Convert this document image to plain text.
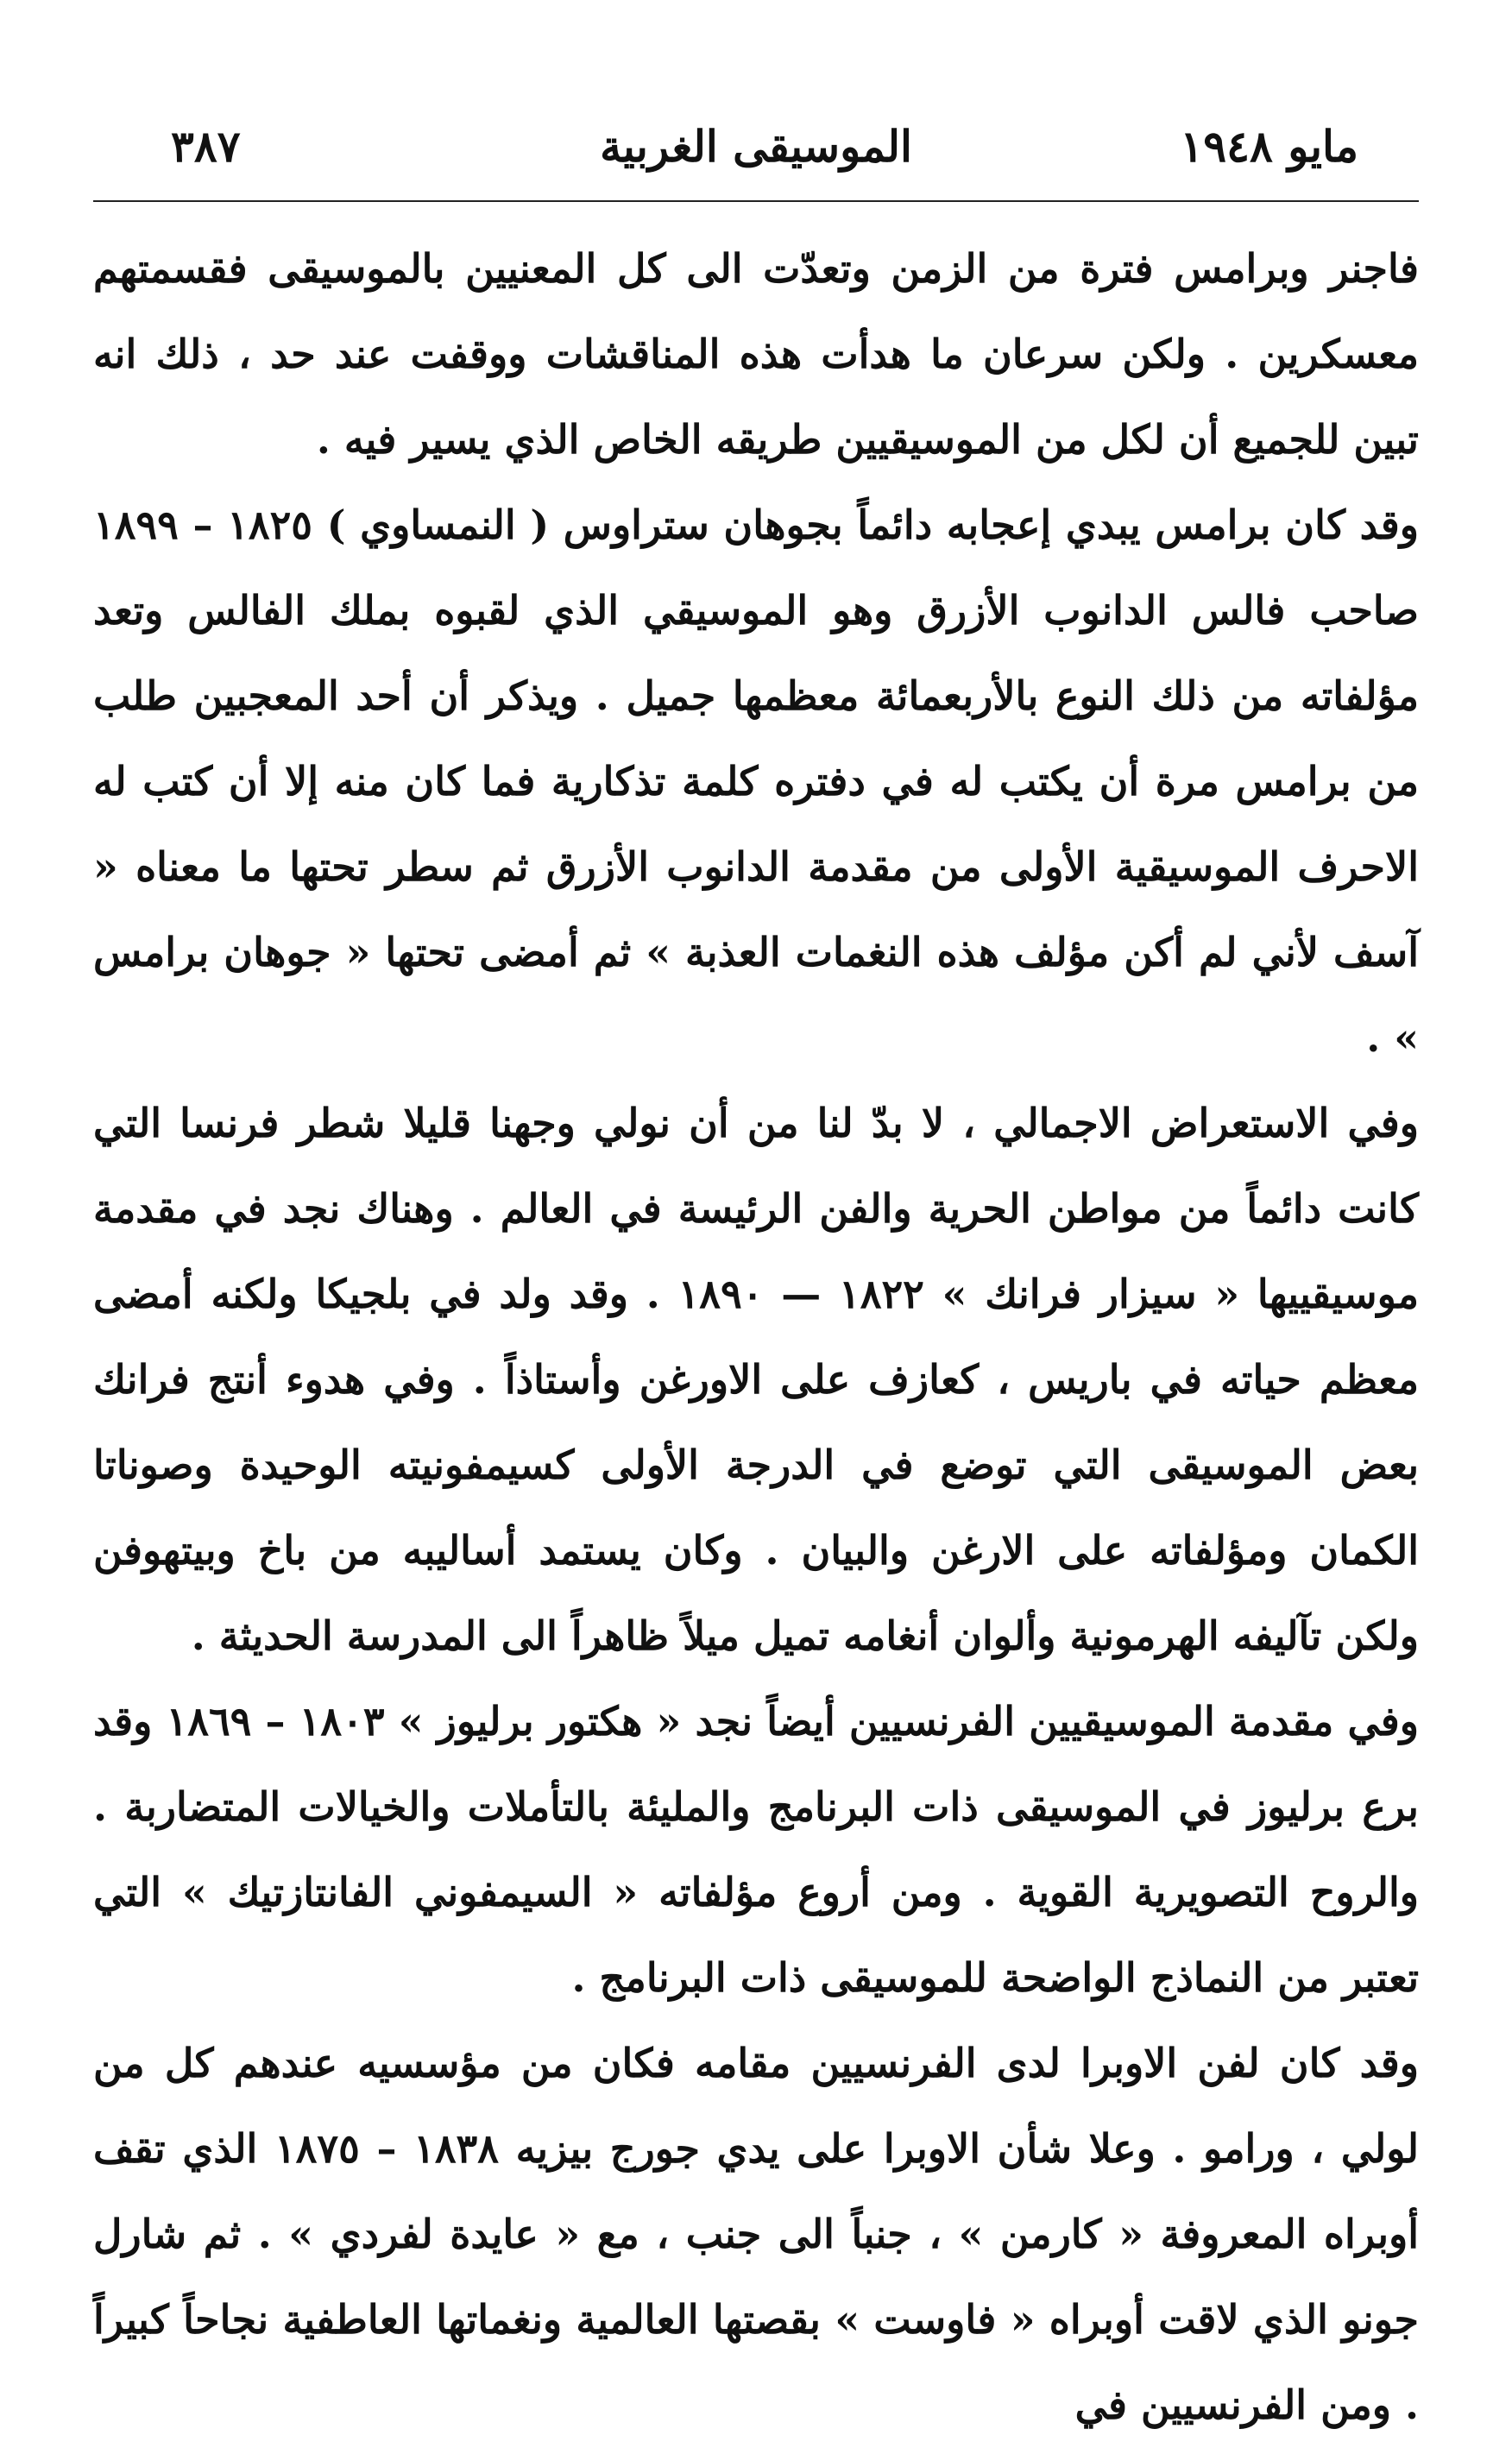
مايو ١٩٤٨
الموسيقى الغربية
٣٨٧

فاجنر وبرامس فترة من الزمن وتعدّت الى كل المعنيين بالموسيقى فقسمتهم معسكرين . ولكن سرعان ما هدأت هذه المناقشات ووقفت عند حد ، ذلك انه تبين للجميع أن لكل من الموسيقيين طريقه الخاص الذي يسير فيه .

وقد كان برامس يبدي إعجابه دائماً بجوهان ستراوس ( النمساوي ) ١٨٢٥ – ١٨٩٩ صاحب فالس الدانوب الأزرق وهو الموسيقي الذي لقبوه بملك الفالس وتعد مؤلفاته من ذلك النوع بالأربعمائة معظمها جميل . ويذكر أن أحد المعجبين طلب من برامس مرة أن يكتب له في دفتره كلمة تذكارية فما كان منه إلا أن كتب له الاحرف الموسيقية الأولى من مقدمة الدانوب الأزرق ثم سطر تحتها ما معناه « آسف لأني لم أكن مؤلف هذه النغمات العذبة » ثم أمضى تحتها « جوهان برامس » .

وفي الاستعراض الاجمالي ، لا بدّ لنا من أن نولي وجهنا قليلا شطر فرنسا التي كانت دائماً من مواطن الحرية والفن الرئيسة في العالم . وهناك نجد في مقدمة موسيقييها « سيزار فرانك » ١٨٢٢ — ١٨٩٠ . وقد ولد في بلجيكا ولكنه أمضى معظم حياته في باريس ، كعازف على الاورغن وأستاذاً . وفي هدوء أنتج فرانك بعض الموسيقى التي توضع في الدرجة الأولى كسيمفونيته الوحيدة وصوناتا الكمان ومؤلفاته على الارغن والبيان . وكان يستمد أساليبه من باخ وبيتهوفن ولكن تآليفه الهرمونية وألوان أنغامه تميل ميلاً ظاهراً الى المدرسة الحديثة .

وفي مقدمة الموسيقيين الفرنسيين أيضاً نجد « هكتور برليوز » ١٨٠٣ – ١٨٦٩ وقد برع برليوز في الموسيقى ذات البرنامج والمليئة بالتأملات والخيالات المتضاربة . والروح التصويرية القوية . ومن أروع مؤلفاته « السيمفوني الفانتازتيك » التي تعتبر من النماذج الواضحة للموسيقى ذات البرنامج .

وقد كان لفن الاوبرا لدى الفرنسيين مقامه فكان من مؤسسيه عندهم كل من لولي ، ورامو . وعلا شأن الاوبرا على يدي جورج بيزيه ١٨٣٨ – ١٨٧٥ الذي تقف أوبراه المعروفة « كارمن » ، جنباً الى جنب ، مع « عايدة لفردي » . ثم شارل جونو الذي لاقت أوبراه « فاوست » بقصتها العالمية ونغماتها العاطفية نجاحاً كبيراً . ومن الفرنسيين في
